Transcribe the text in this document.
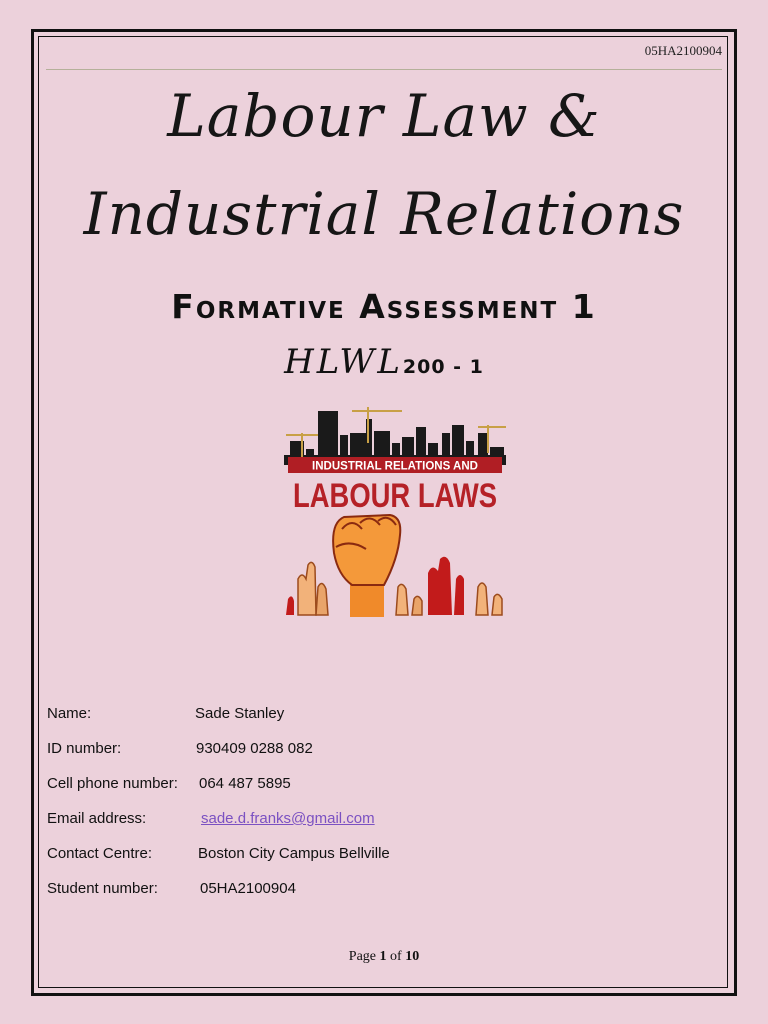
05HA2100904
Labour Law &
Industrial Relations
Formative Assessment 1
HLWL200 - 1
INDUSTRIAL RELATIONS AND
LABOUR LAWS
Name:	Sade Stanley
ID number:	930409 0288 082
Cell phone number: 064 487 5895
Email address:	sade.d.franks@gmail.com
Contact Centre:	Boston City Campus Bellville
Student number:	05HA2100904
Page 1 of 10
